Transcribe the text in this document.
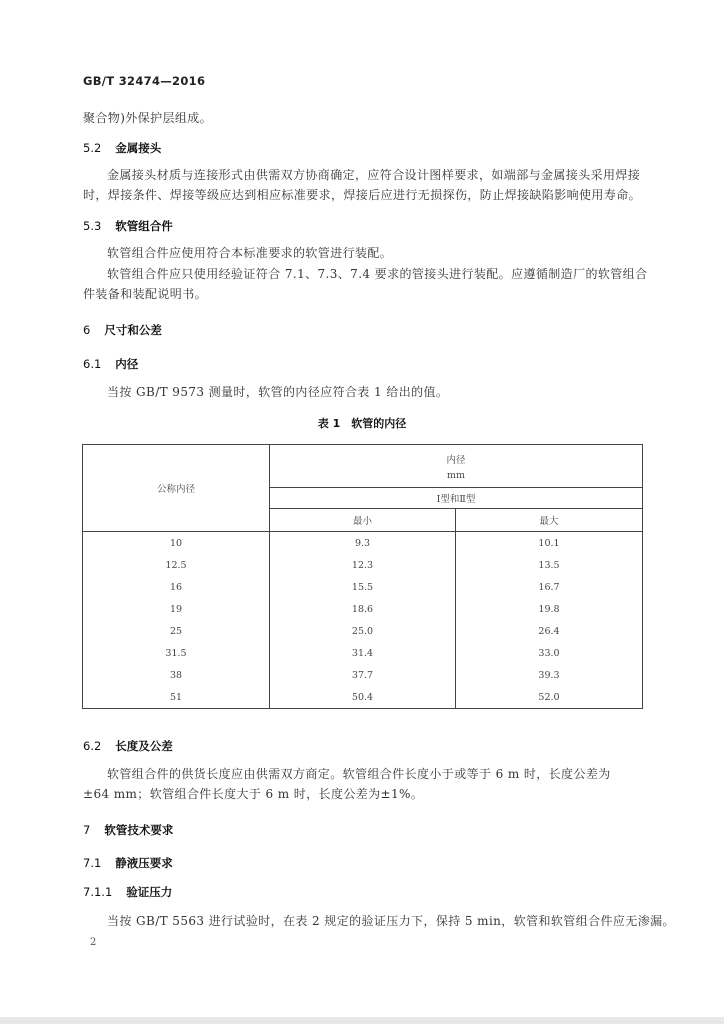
GB/T 32474—2016
聚合物)外保护层组成。
5.2 金属接头
金属接头材质与连接形式由供需双方协商确定，应符合设计图样要求，如端部与金属接头采用焊接
时，焊接条件、焊接等级应达到相应标准要求，焊接后应进行无损探伤，防止焊接缺陷影响使用寿命。
5.3 软管组合件
软管组合件应使用符合本标准要求的软管进行装配。
软管组合件应只使用经验证符合 7.1、7.3、7.4 要求的管接头进行装配。应遵循制造厂的软管组合
件装备和装配说明书。
6 尺寸和公差
6.1 内径
当按 GB/T 9573 测量时，软管的内径应符合表 1 给出的值。
表 1　软管的内径
公称内径	内径
mm	

	Ⅰ型和Ⅱ型	
	最小	最大
10	9.3	10.1
12.5	12.3	13.5
16	15.5	16.7
19	18.6	19.8
25	25.0	26.4
31.5	31.4	33.0
38	37.7	39.3
51	50.4	52.0
6.2 长度及公差
软管组合件的供货长度应由供需双方商定。软管组合件长度小于或等于 6 m 时，长度公差为
±64 mm；软管组合件长度大于 6 m 时，长度公差为±1%。
7 软管技术要求
7.1 静液压要求
7.1.1 验证压力
当按 GB/T 5563 进行试验时，在表 2 规定的验证压力下，保持 5 min，软管和软管组合件应无渗漏。
2
